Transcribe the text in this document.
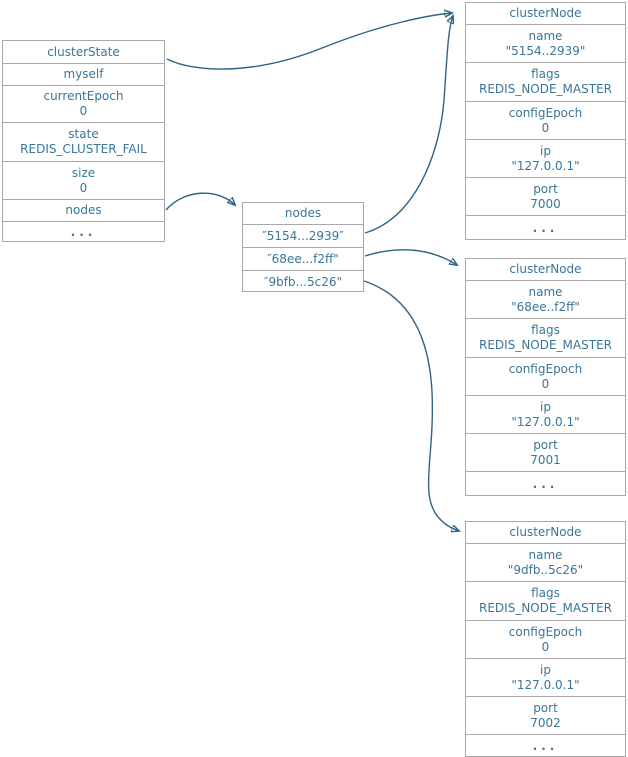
clusterState
myself
currentEpoch
0
state
REDIS_CLUSTER_FAIL
size
0
nodes
...
nodes
″5154...2939″
″68ee...f2ff"
″9bfb...5c26"
clusterNode
name
"5154..2939"
flags
REDIS_NODE_MASTER
configEpoch
0
ip
"127.0.0.1"
port
7000
...
clusterNode
name
"68ee..f2ff"
flags
REDIS_NODE_MASTER
configEpoch
0
ip
"127.0.0.1"
port
7001
...
clusterNode
name
"9dfb..5c26"
flags
REDIS_NODE_MASTER
configEpoch
0
ip
"127.0.0.1"
port
7002
...
